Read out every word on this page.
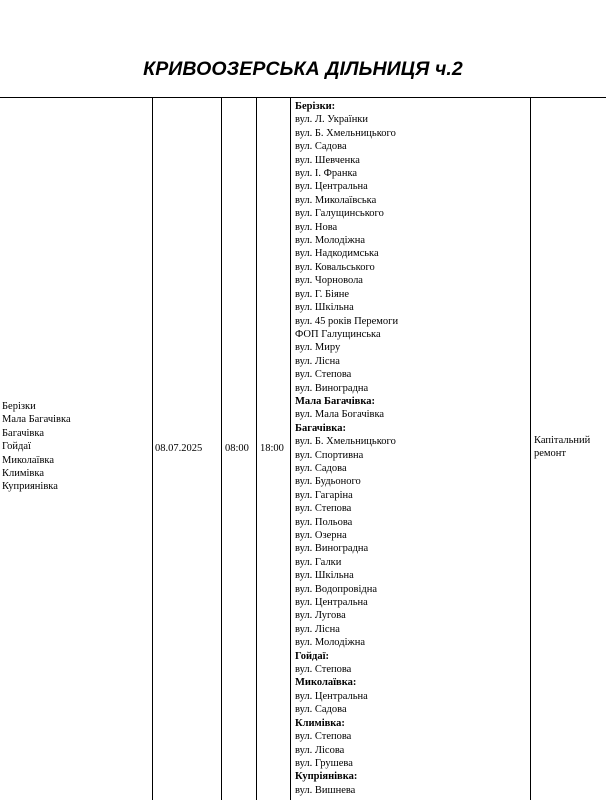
КРИВООЗЕРСЬКА ДІЛЬНИЦЯ ч.2
Берізки
Мала Багачівка
Багачівка
Гойдаї
Миколаївка
Климівка
Куприянівка
08.07.2025 08:00 18:00
Капітальний ремонт
Берізки:
вул. Л. Українки
вул. Б. Хмельницького
вул. Садова
вул. Шевченка
вул. І. Франка
вул. Центральна
вул. Миколаївська
вул. Галущинського
вул. Нова
вул. Молодіжна
вул. Надкодимська
вул. Ковальського
вул. Чорновола
вул. Г. Біяне
вул. Шкільна
вул. 45 років Перемоги
ФОП Галущинська
вул. Миру
вул. Лісна
вул. Степова
вул. Виноградна
Мала Багачівка:
вул. Мала Богачівка
Багачівка:
вул. Б. Хмельницького
вул. Спортивна
вул. Садова
вул. Будьоного
вул. Гагаріна
вул. Степова
вул. Польова
вул. Озерна
вул. Виноградна
вул. Галки
вул. Шкільна
вул. Водопровідна
вул. Центральна
вул. Лугова
вул. Лісна
вул. Молодіжна
Гойдаї:
вул. Степова
Миколаївка:
вул. Центральна
вул. Садова
Климівка:
вул. Степова
вул. Лісова
вул. Грушева
Купріянівка:
вул. Вишнева
